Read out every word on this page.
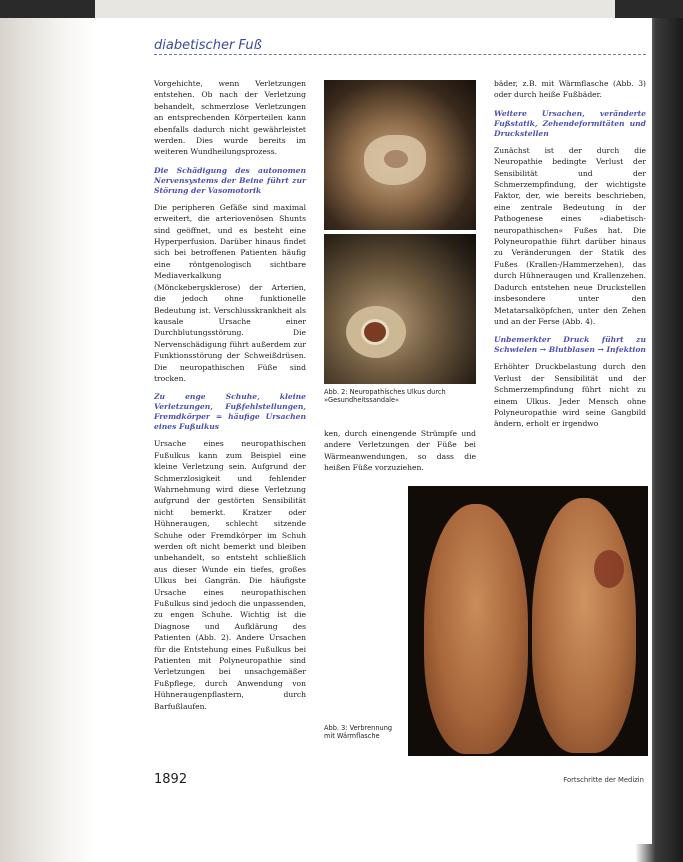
diabetischer Fuß

Vorgehichte, wenn Verletzungen entstehen. Ob nach der Verletzung behandelt, schmerzlose Verletzungen an entsprechenden Körperteilen kann ebenfalls dadurch nicht gewährleistet werden. Dies wurde bereits im weiteren Wundheilungsprozess.

Die Schädigung des autonomen Nervensystems der Beine führt zur Störung der Vasomotorik

Die peripheren Gefäße sind maximal erweitert, die arteriovenösen Shunts sind geöffnet, und es besteht eine Hyperperfusion. Darüber hinaus findet sich bei betroffenen Patienten häufig eine röntgenologisch sichtbare Mediaverkalkung (Mönckebergsklerose) der Arterien, die jedoch ohne funktionelle Bedeutung ist. Verschlusskrankheit als kausale Ursache einer Durchblutungsstörung. Die Nervenschädigung führt außerdem zur Funktionsstörung der Schweißdrüsen. Die neuropathischen Füße sind trocken.

Zu enge Schuhe, kleine Verletzungen, Fußfehlstellungen, Fremdkörper = häufige Ursachen eines Fußulkus

Ursache eines neuropathischen Fußulkus kann zum Beispiel eine kleine Verletzung sein. Aufgrund der Schmerzlosigkeit und fehlender Wahrnehmung wird diese Verletzung aufgrund der gestörten Sensibilität nicht bemerkt. Kratzer oder Hühneraugen, schlecht sitzende Schuhe oder Fremdkörper im Schuh werden oft nicht bemerkt und bleiben unbehandelt, so entsteht schließlich aus dieser Wunde ein tiefes, großes Ulkus bei Gangrän. Die häufigste Ursache eines neuropathischen Fußulkus sind jedoch die unpassenden, zu engen Schuhe. Wichtig ist die Diagnose und Aufklärung des Patienten (Abb. 2). Andere Ursachen für die Entstehung eines Fußulkus bei Patienten mit Polyneuropathie sind Verletzungen bei unsachgemäßer Fußpflege, durch Anwendung von Hühneraugenpflastern, durch Barfußlaufen.

Abb. 2: Neuropathisches Ulkus durch »Gesundheitssandale«

ken, durch einengende Strümpfe und andere Verletzungen der Füße bei Wärmeanwendungen, so dass die heißen Füße vorzuziehen.

bäder, z.B. mit Wärmflasche (Abb. 3) oder durch heiße Fußbäder.

Weitere Ursachen, veränderte Fußstatik, Zehendeformitäten und Druckstellen

Zunächst ist der durch die Neuropathie bedingte Verlust der Sensibilität und der Schmerzempfindung, der wichtigste Faktor, der, wie bereits beschrieben, eine zentrale Bedeutung in der Pathogenese eines »diabetisch-neuropathischen« Fußes hat. Die Polyneuropathie führt darüber hinaus zu Veränderungen der Statik des Fußes (Krallen-/Hammerzehen), das durch Hühneraugen und Krallenzehen. Dadurch entstehen neue Druckstellen insbesondere unter den Metatarsalköpfchen, unter den Zehen und an der Ferse (Abb. 4).

Unbemerkter Druck führt zu Schwielen → Blutblasen → Infektion

Erhöhter Druckbelastung durch den Verlust der Sensibilität und der Schmerzempfindung führt nicht zu einem Ulkus. Jeder Mensch ohne Polyneuropathie wird seine Gangbild ändern, erholt er irgendwo

Abb. 3: Verbrennung mit Wärmflasche
1892	Fortschritte der Medizin
